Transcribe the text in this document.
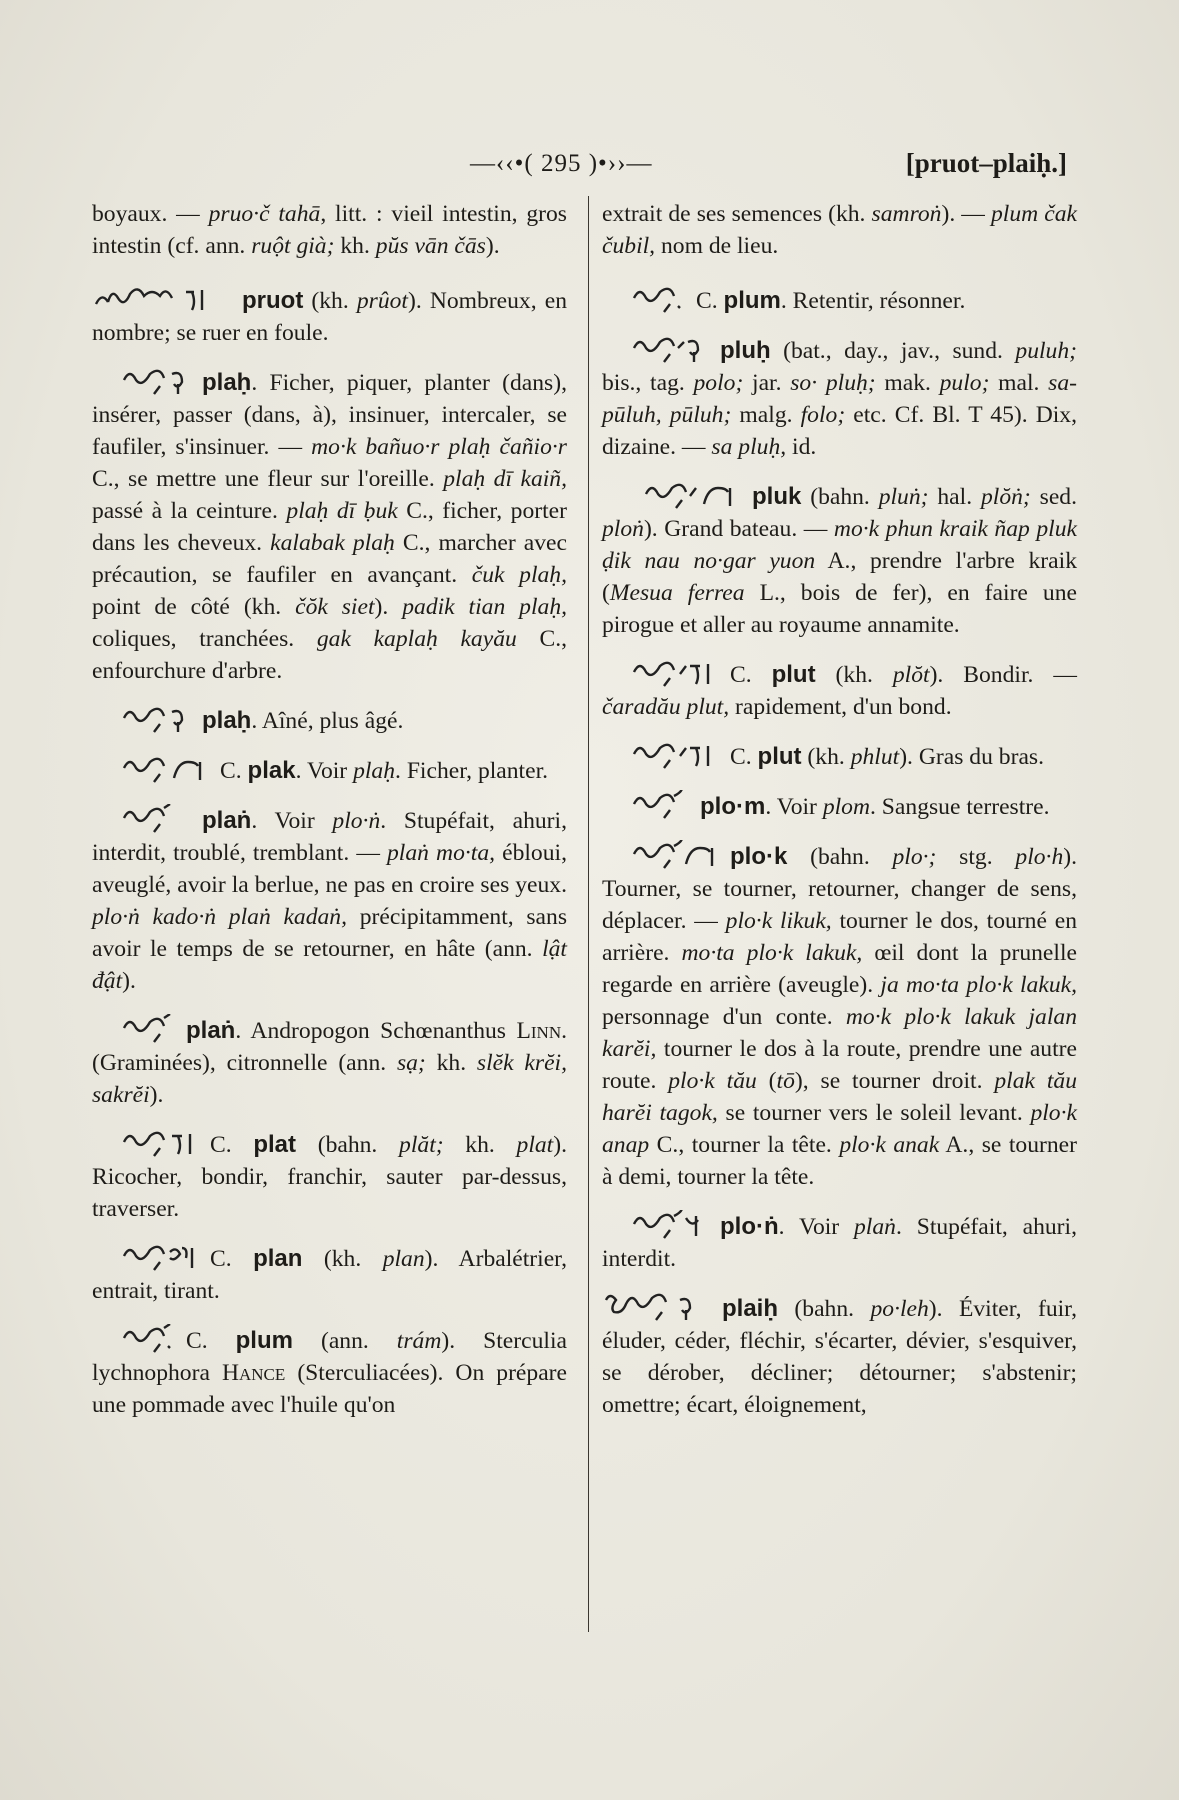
—‹‹•( 295 )•››—	[pruot–plaiḥ.]

boyaux. — pruo·č tahā, litt. : vieil intestin, gros intestin (cf. ann. ruột già; kh. pŭs vān čās).

pruot (kh. prûot). Nombreux, en nombre; se ruer en foule.

plaḥ. Ficher, piquer, planter (dans), insérer, passer (dans, à), insinuer, intercaler, se faufiler, s'insinuer. — mo·k bañuo·r plaḥ čañio·r C., se mettre une fleur sur l'oreille. plaḥ dī kaiñ, passé à la ceinture. plaḥ dī ḅuk C., ficher, porter dans les cheveux. kalabak plaḥ C., marcher avec précaution, se faufiler en avançant. čuk plaḥ, point de côté (kh. čŏk siet). padik tian plaḥ, coliques, tranchées. gak kaplaḥ kayău C., enfourchure d'arbre.

plaḥ. Aîné, plus âgé.

C. plak. Voir plaḥ. Ficher, planter.

plaṅ. Voir plo·ṅ. Stupéfait, ahuri, interdit, troublé, tremblant. — plaṅ mo·ta, ébloui, aveuglé, avoir la berlue, ne pas en croire ses yeux. plo·ṅ kado·ṅ plaṅ kadaṅ, précipitamment, sans avoir le temps de se retourner, en hâte (ann. lật đật).

plaṅ. Andropogon Schœnanthus Linn. (Graminées), citronnelle (ann. sạ; kh. slĕk krĕi, sakrĕi).

C. plat (bahn. plăt; kh. plat). Ricocher, bondir, franchir, sauter par-dessus, traverser.

C. plan (kh. plan). Arbalétrier, entrait, tirant.

C. plum (ann. trám). Sterculia lychnophora Hance (Sterculiacées). On prépare une pommade avec l'huile qu'on

extrait de ses semences (kh. samroṅ). — plum čak čubil, nom de lieu.

C. plum. Retentir, résonner.

pluḥ (bat., day., jav., sund. puluh; bis., tag. polo; jar. so· pluḥ; mak. pulo; mal. sa-pūluh, pūluh; malg. folo; etc. Cf. Bl. T 45). Dix, dizaine. — sa pluḥ, id.

pluk (bahn. pluṅ; hal. plŏṅ; sed. ploṅ). Grand bateau. — mo·k phun kraik ñap pluk ḍik nau no·gar yuon A., prendre l'arbre kraik (Mesua ferrea L., bois de fer), en faire une pirogue et aller au royaume annamite.

C. plut (kh. plŏt). Bondir. — čaradău plut, rapidement, d'un bond.

C. plut (kh. phlut). Gras du bras.

plo·m. Voir plom. Sangsue terrestre.

plo·k (bahn. plo·; stg. plo·h). Tourner, se tourner, retourner, changer de sens, déplacer. — plo·k likuk, tourner le dos, tourné en arrière. mo·ta plo·k lakuk, œil dont la prunelle regarde en arrière (aveugle). ja mo·ta plo·k lakuk, personnage d'un conte. mo·k plo·k lakuk jalan karĕi, tourner le dos à la route, prendre une autre route. plo·k tău (tō), se tourner droit. plak tău harĕi tagok, se tourner vers le soleil levant. plo·k anap C., tourner la tête. plo·k anak A., se tourner à demi, tourner la tête.

plo·ṅ. Voir plaṅ. Stupéfait, ahuri, interdit.

plaiḥ (bahn. po·leh). Éviter, fuir, éluder, céder, fléchir, s'écarter, dévier, s'esquiver, se dérober, décliner; détourner; s'abstenir; omettre; écart, éloignement,
